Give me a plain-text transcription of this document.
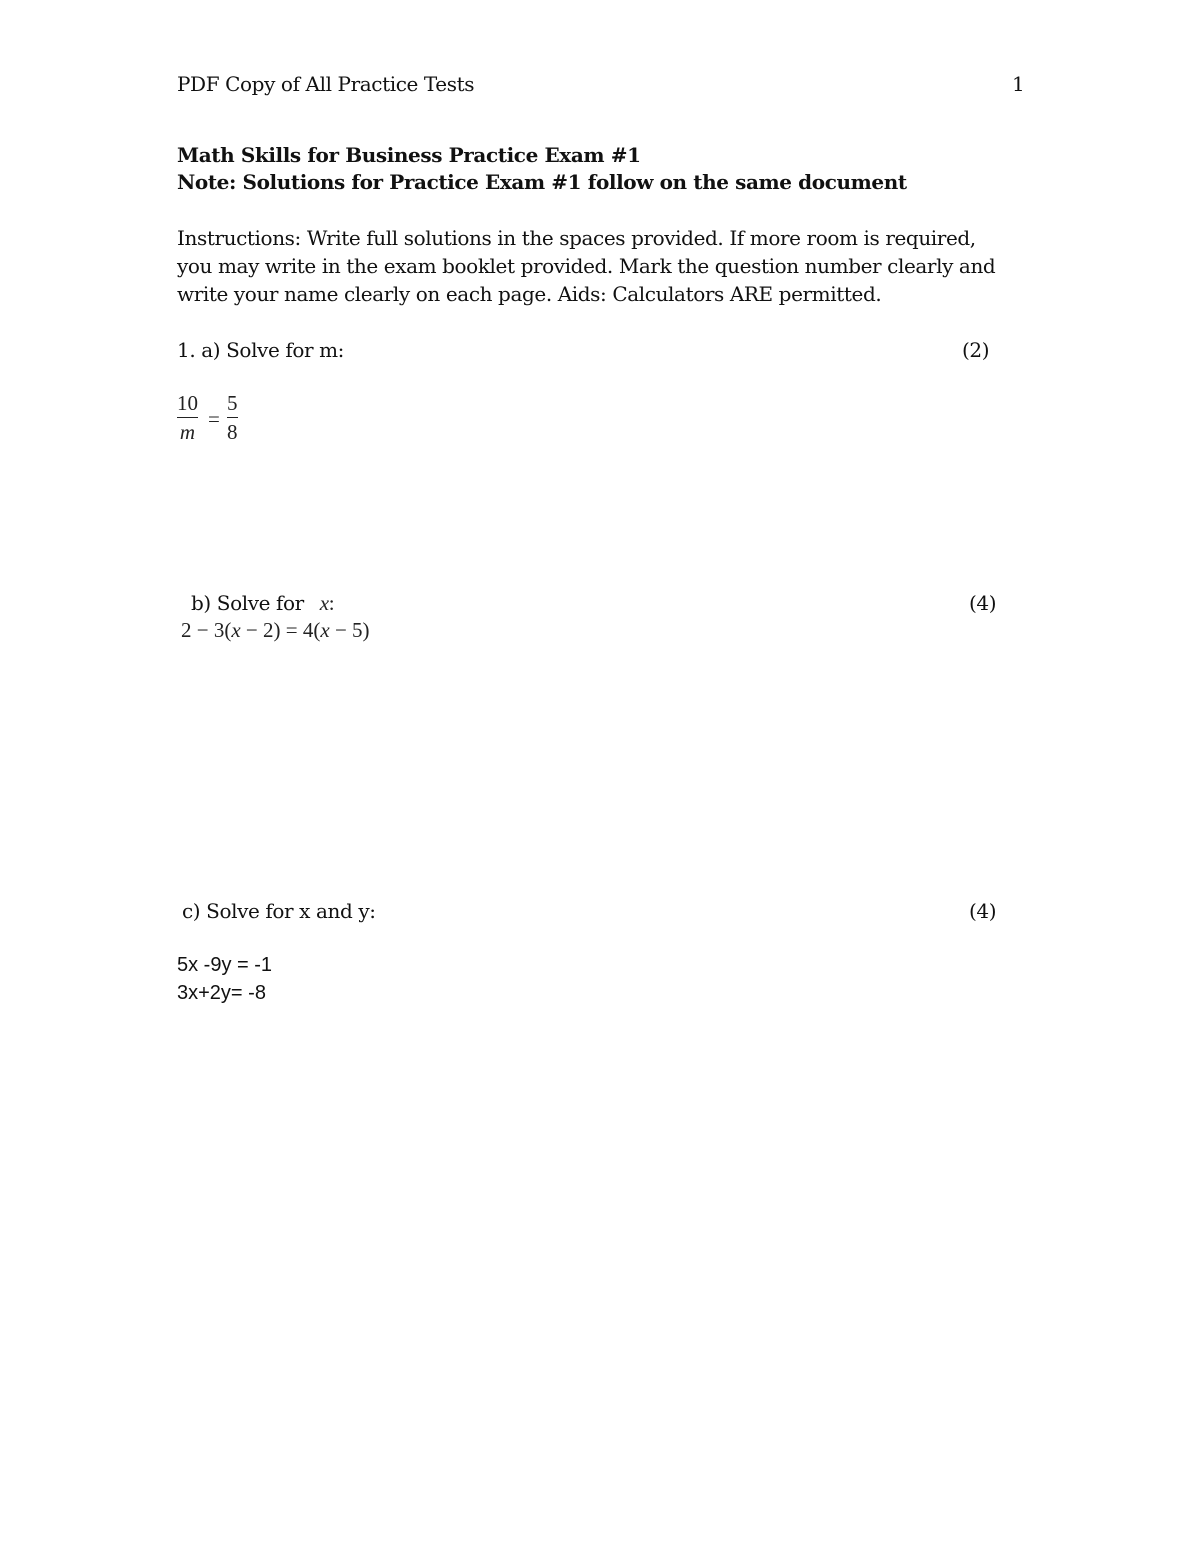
PDF Copy of All Practice Tests	1
Math Skills for Business Practice Exam #1
Note: Solutions for Practice Exam #1 follow on the same document
Instructions: Write full solutions in the spaces provided. If more room is required,
you may write in the exam booklet provided. Mark the question number clearly and
write your name clearly on each page. Aids: Calculators ARE permitted.
1. a) Solve for m:	(2)
10
m
=
5
8
b) Solve for x:	(4)
2 − 3(x − 2) = 4(x − 5)
c) Solve for x and y:	(4)
5x -9y = -1
3x+2y= -8
